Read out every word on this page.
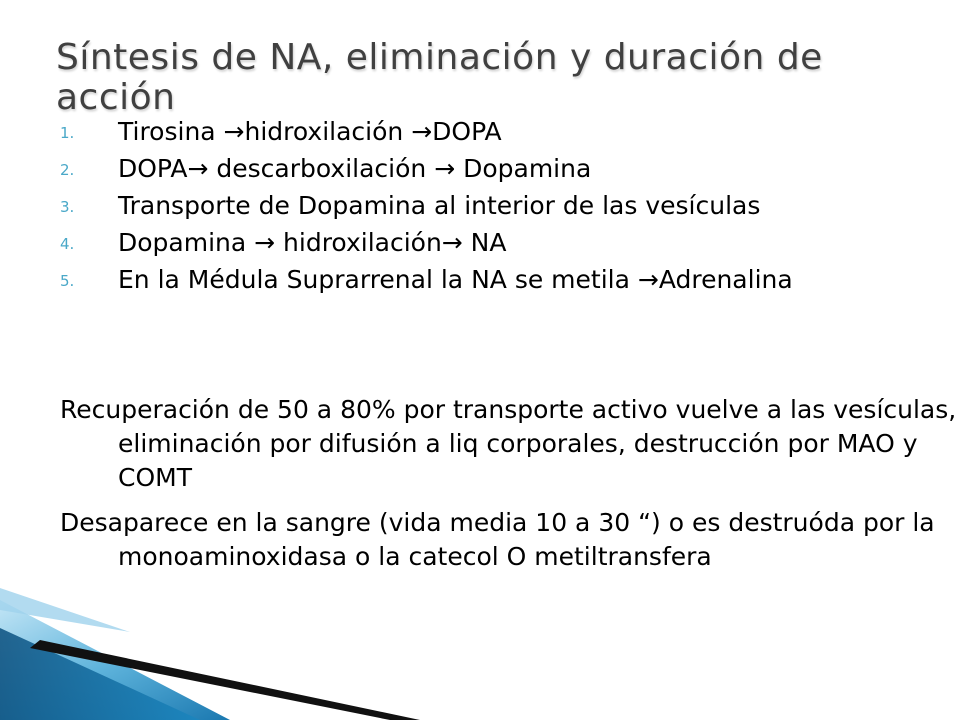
Síntesis de NA, eliminación y duración de acción
1. Tirosina →hidroxilación →DOPA
2. DOPA→ descarboxilación → Dopamina
3. Transporte de Dopamina al interior de las vesículas
4. Dopamina → hidroxilación→ NA
5. En la Médula Suprarrenal la NA se metila →Adrenalina
Recuperación de 50 a 80% por transporte activo vuelve a las vesículas, eliminación por difusión a liq corporales, destrucción por MAO y COMT
Desaparece en la sangre (vida media 10 a 30 “) o es destruóda por la monoaminoxidasa o la catecol O metiltransfera
